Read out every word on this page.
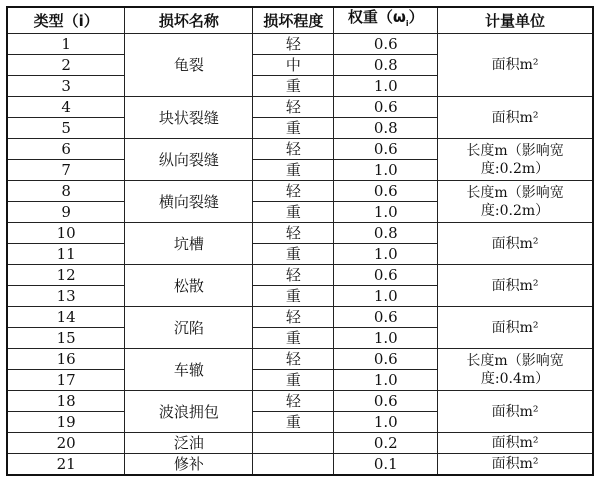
类型（i）	损坏名称	损坏程度	权重$(\omega_i)$	计量单位
1	龟裂	轻	0.6	面积m²
2		中	0.8	
3		重	1.0	
4	块状裂缝	轻	0.6	面积m²
5		重	0.8	
6	纵向裂缝	轻	0.6	长度m（影响宽度:0.2m）
7		重	1.0	
8	横向裂缝	轻	0.6	长度m（影响宽度:0.2m）
9		重	1.0	
10	坑槽	轻	0.8	面积m²
11		重	1.0	
12	松散	轻	0.6	面积m²
13		重	1.0	
14	沉陷	轻	0.6	面积m²
15		重	1.0	
16	车辙	轻	0.6	长度m（影响宽度:0.4m）
17		重	1.0	
18	波浪拥包	轻	0.6	面积m²
19		重	1.0	
20	泛油		0.2	面积m²
21	修补		0.1	面积m²
